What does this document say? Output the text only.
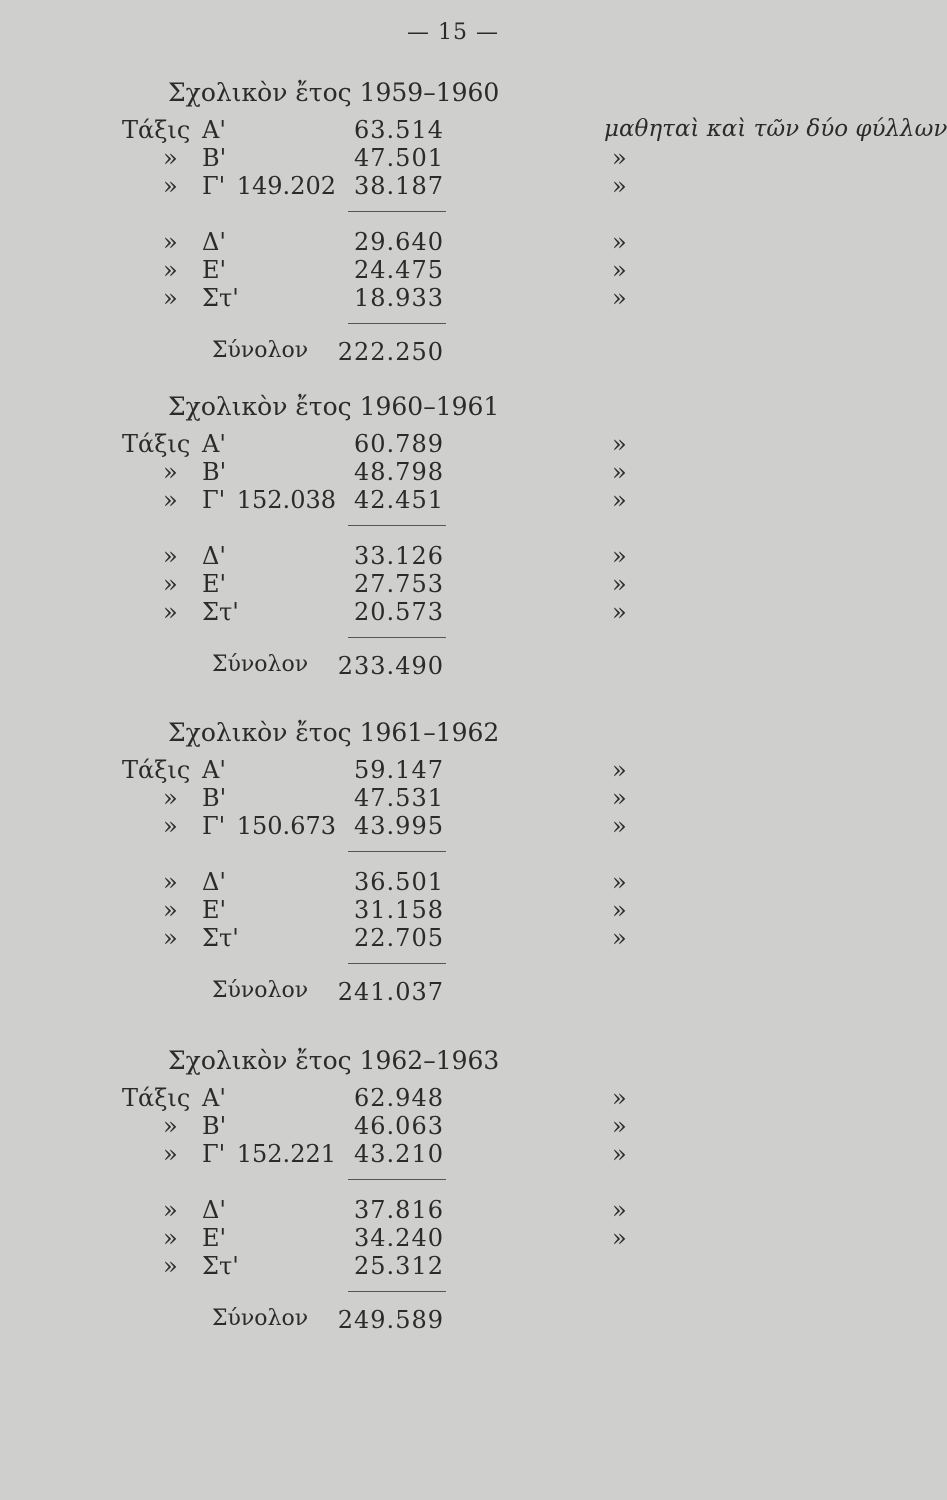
— 15 —
Σχολικὸν ἔτος 1959–1960
Τάξις Α'	63.514	μαθηταὶ καὶ τῶν δύο φύλλων
» Β'	47.501	»
» Γ' 149.202 38.187	»
» Δ'	29.640	»
» Ε'	24.475	»
» Στ'	18.933	»
Σύνολον 222.250
Σχολικὸν ἔτος 1960–1961
Τάξις Α'	60.789	»
» Β'	48.798	»
» Γ' 152.038 42.451	»
» Δ'	33.126	»
» Ε'	27.753	»
» Στ'	20.573	»
Σύνολον 233.490
Σχολικὸν ἔτος 1961–1962
Τάξις Α'	59.147	»
» Β'	47.531	»
» Γ' 150.673 43.995	»
» Δ'	36.501	»
» Ε'	31.158	»
» Στ'	22.705	»
Σύνολον 241.037
Σχολικὸν ἔτος 1962–1963
Τάξις Α'	62.948	»
» Β'	46.063	»
» Γ' 152.221 43.210	»
» Δ'	37.816	»
» Ε'	34.240	»
» Στ'	25.312
Σύνολον 249.589
